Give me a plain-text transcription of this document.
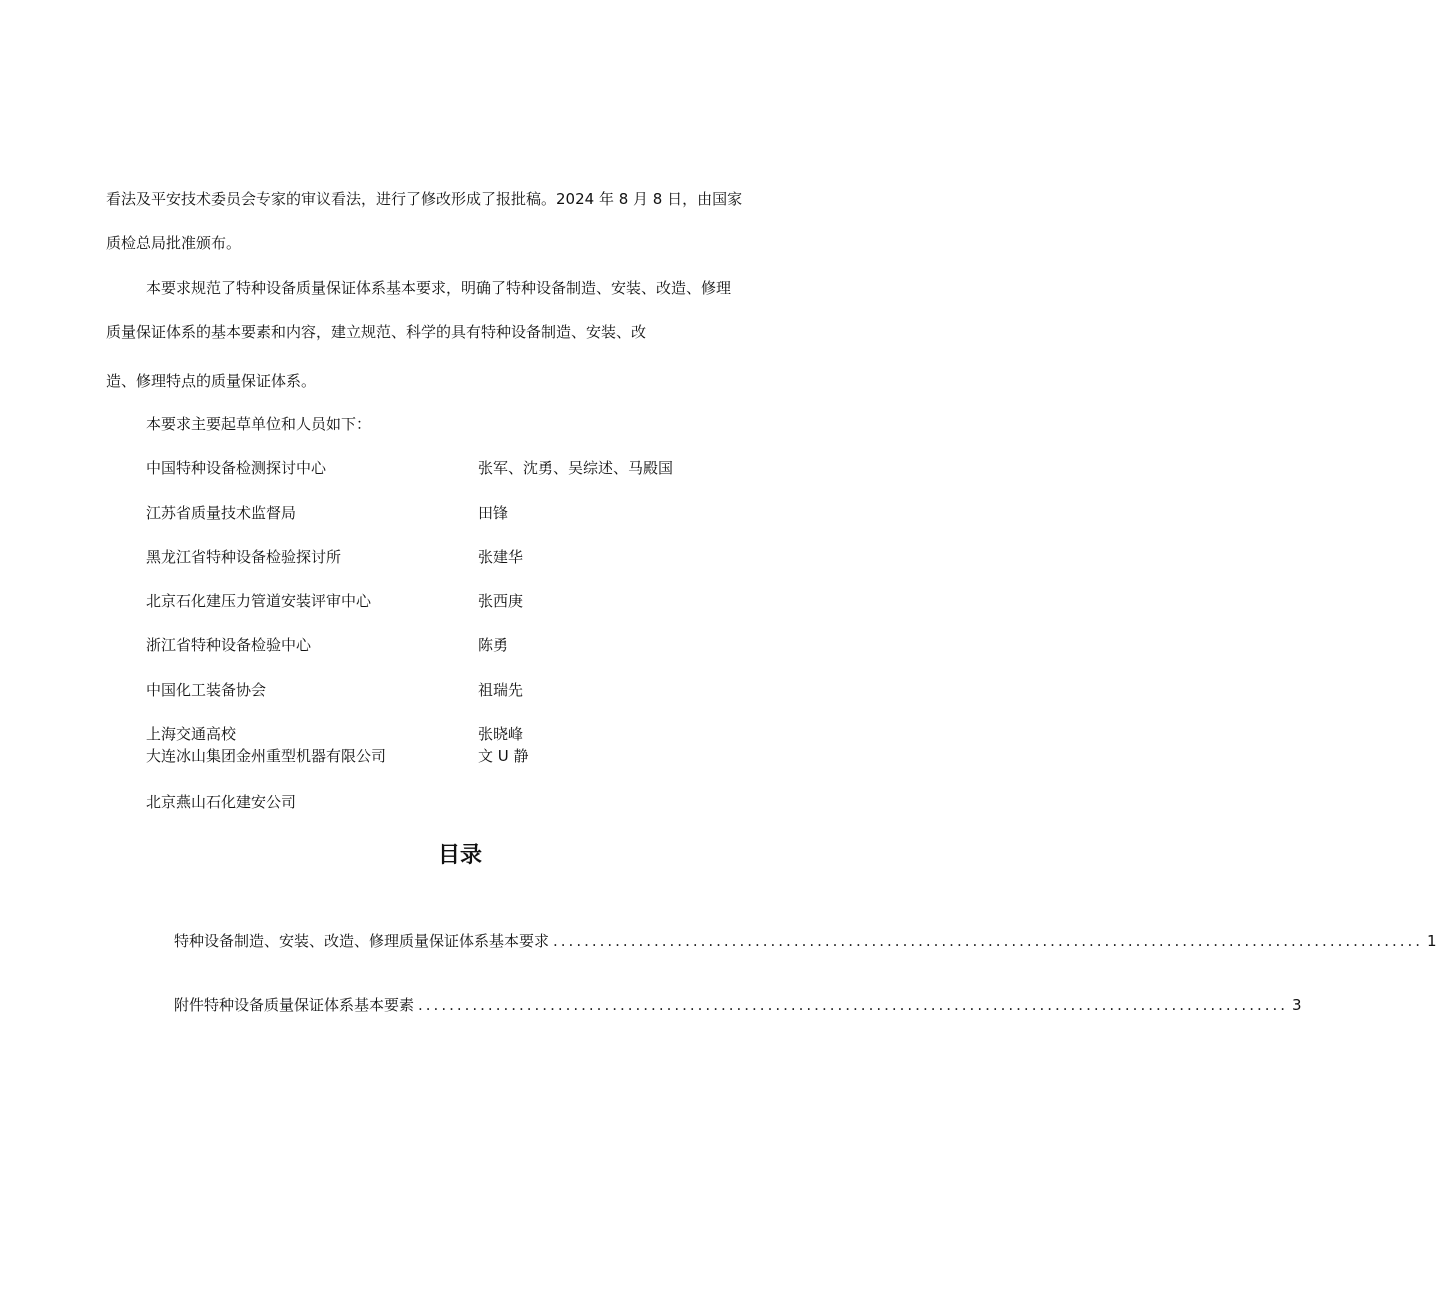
看法及平安技术委员会专家的审议看法，进行了修改形成了报批稿。2024 年 8 月 8 日，由国家
质检总局批准颁布。
本要求规范了特种设备质量保证体系基本要求，明确了特种设备制造、安装、改造、修理
质量保证体系的基本要素和内容，建立规范、科学的具有特种设备制造、安装、改
造、修理特点的质量保证体系。
本要求主要起草单位和人员如下：
中国特种设备检测探讨中心	张军、沈勇、吴综述、马殿国
江苏省质量技术监督局	田锋
黑龙江省特种设备检验探讨所	张建华
北京石化建压力管道安装评审中心	张西庚
浙江省特种设备检验中心	陈勇
中国化工装备协会	祖瑞先
上海交通高校	张晓峰
大连冰山集团金州重型机器有限公司	文 U 静
北京燕山石化建安公司
目录
特种设备制造、安装、改造、修理质量保证体系基本要求 ................................................................................................................ 1
附件特种设备质量保证体系基本要素 ................................................................................................................ 3
